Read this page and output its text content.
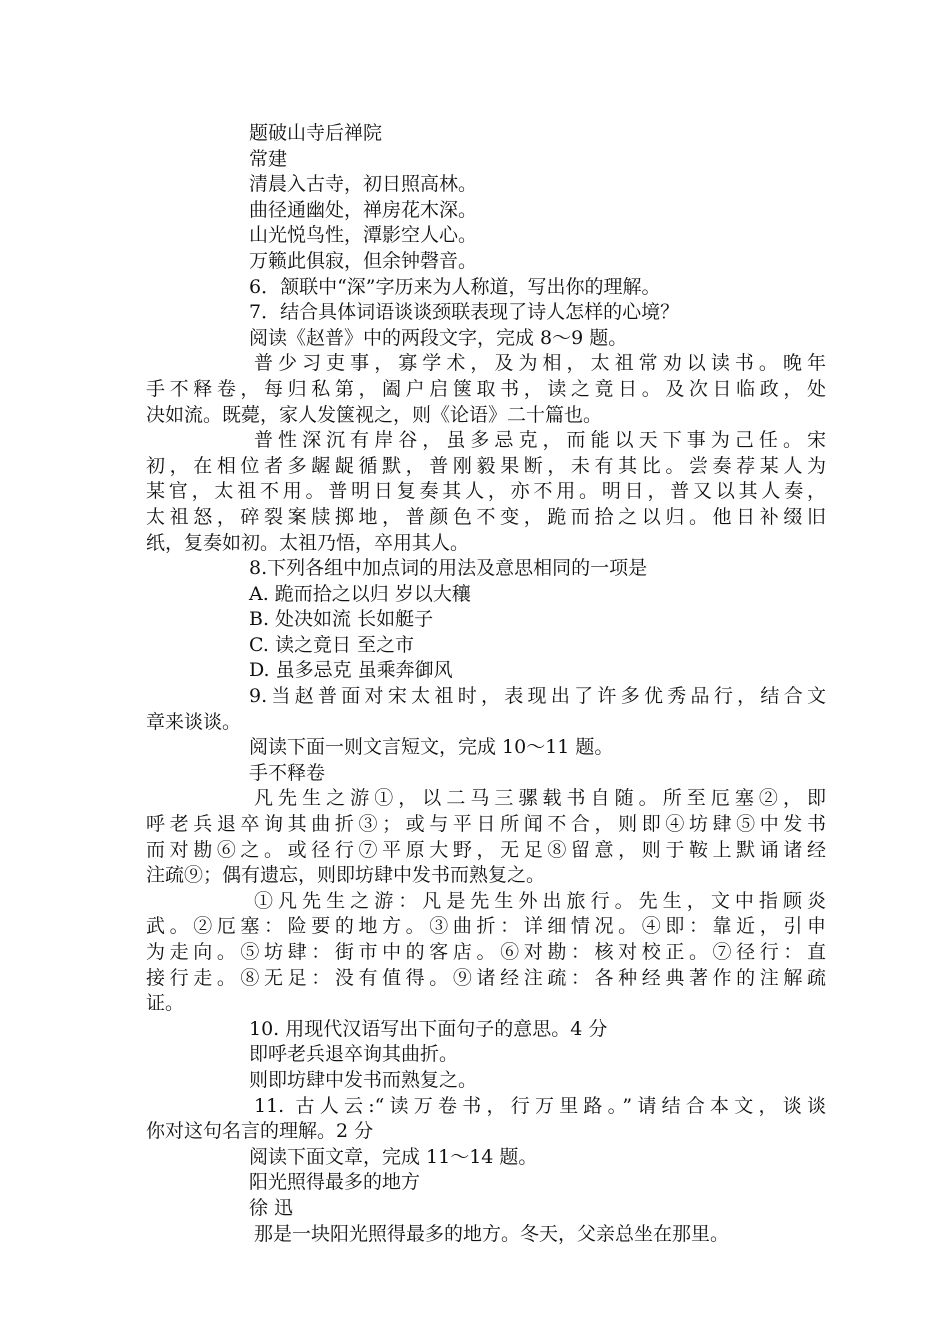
题破山寺后禅院
常建
清晨入古寺，初日照高林。
曲径通幽处，禅房花木深。
山光悦鸟性，潭影空人心。
万籁此俱寂，但余钟磬音。
6．颔联中“深”字历来为人称道，写出你的理解。
7．结合具体词语谈谈颈联表现了诗人怎样的心境？
阅读《赵普》中的两段文字，完成 8～9 题。
普少习吏事，寡学术，及为相，太祖常劝以读书。晚年
手不释卷，每归私第，阖户启箧取书，读之竟日。及次日临政，处
决如流。既薨，家人发箧视之，则《论语》二十篇也。
普性深沉有岸谷，虽多忌克，而能以天下事为己任。宋
初，在相位者多龌龊循默，普刚毅果断，未有其比。尝奏荐某人为
某官，太祖不用。普明日复奏其人，亦不用。明日，普又以其人奏，
太祖怒，碎裂案牍掷地，普颜色不变，跪而拾之以归。他日补缀旧
纸，复奏如初。太祖乃悟，卒用其人。
8.下列各组中加点词的用法及意思相同的一项是
A. 跪而拾之以归 岁以大穰
B. 处决如流 长如艇子
C. 读之竟日 至之市
D. 虽多忌克 虽乘奔御风
9.当赵普面对宋太祖时，表现出了许多优秀品行，结合文
章来谈谈。
阅读下面一则文言短文，完成 10～11 题。
手不释卷
凡先生之游①，以二马三骡载书自随。所至厄塞②，即
呼老兵退卒询其曲折③；或与平日所闻不合，则即④坊肆⑤中发书
而对勘⑥之。或径行⑦平原大野，无足⑧留意，则于鞍上默诵诸经
注疏⑨；偶有遗忘，则即坊肆中发书而熟复之。
①凡先生之游：凡是先生外出旅行。先生，文中指顾炎
武。②厄塞：险要的地方。③曲折：详细情况。④即：靠近，引申
为走向。⑤坊肆：街市中的客店。⑥对勘：核对校正。⑦径行：直
接行走。⑧无足：没有值得。⑨诸经注疏：各种经典著作的注解疏
证。
10. 用现代汉语写出下面句子的意思。4 分
即呼老兵退卒询其曲折。
则即坊肆中发书而熟复之。
11. 古人云:“读万卷书，行万里路。”请结合本文，谈谈
你对这句名言的理解。2 分
阅读下面文章，完成 11～14 题。
阳光照得最多的地方
徐 迅
那是一块阳光照得最多的地方。冬天，父亲总坐在那里。
